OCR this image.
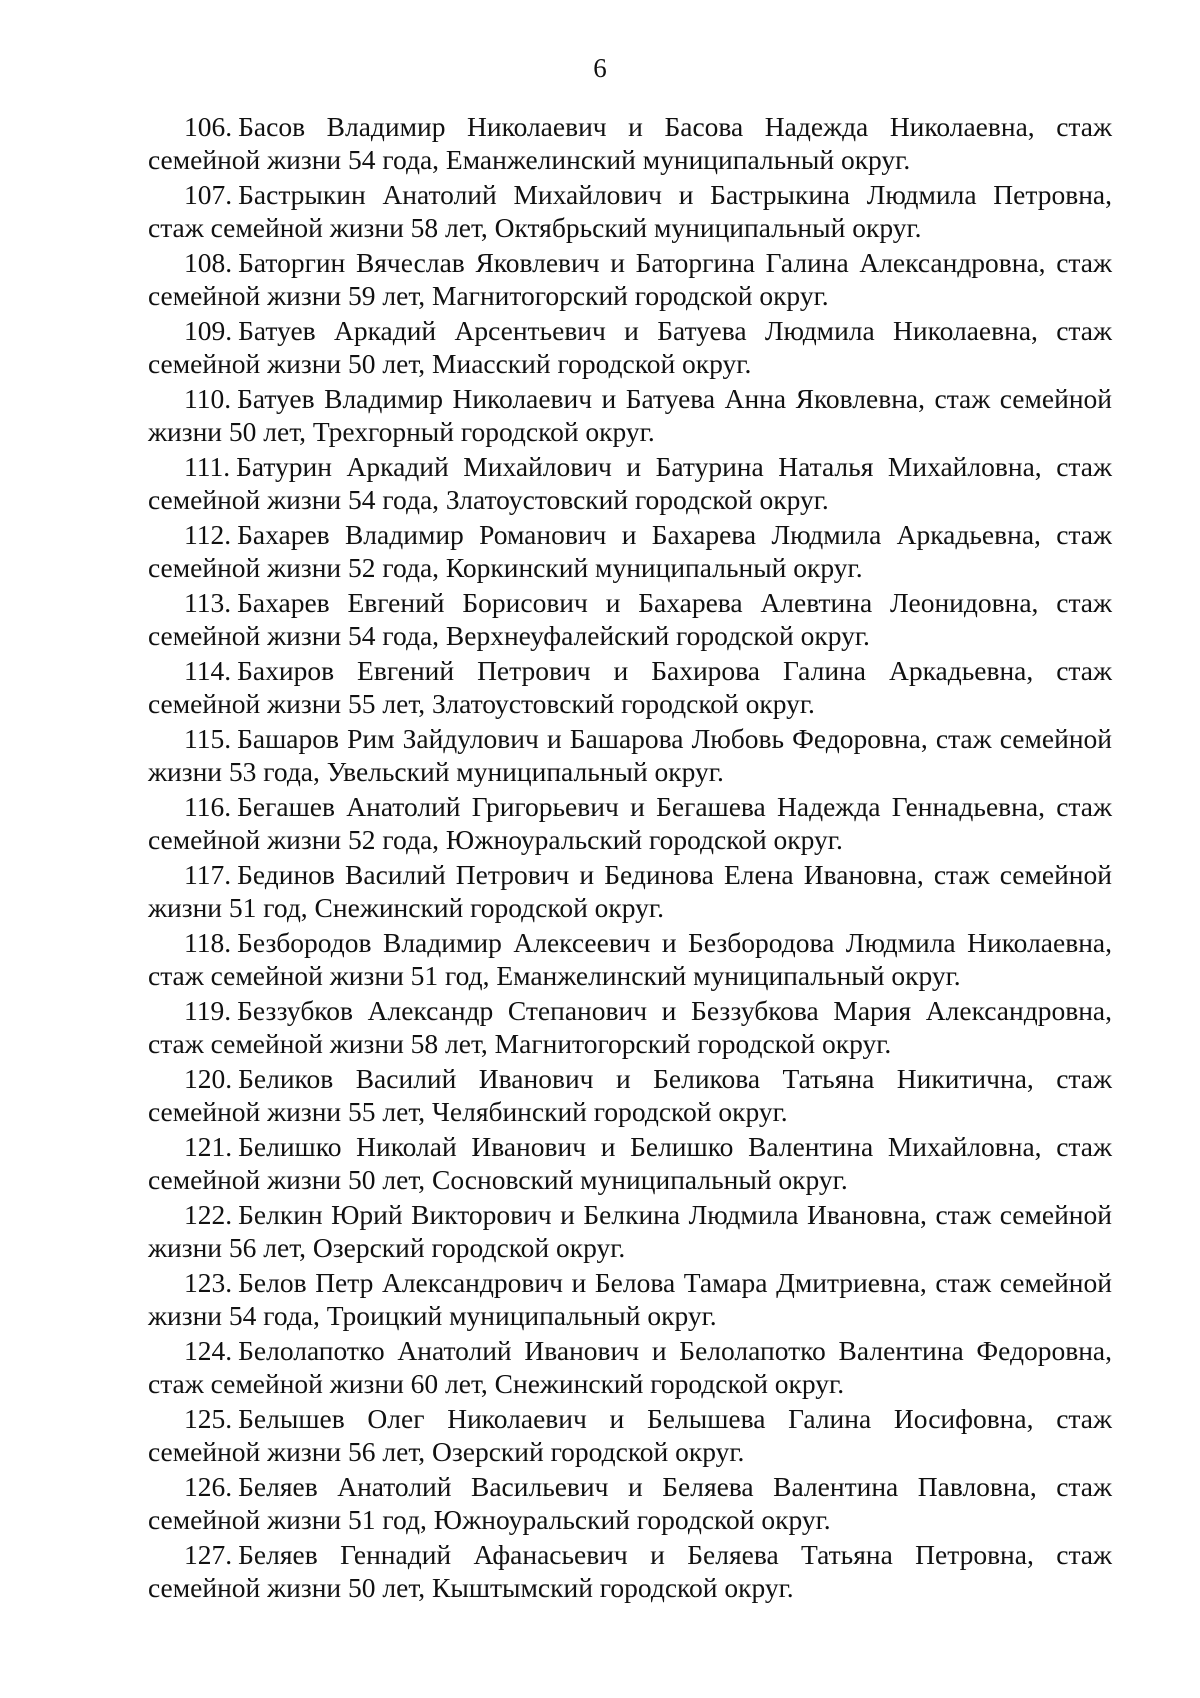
6
106. Басов Владимир Николаевич и Басова Надежда Николаевна, стаж семейной жизни 54 года, Еманжелинский муниципальный округ.
107. Бастрыкин Анатолий Михайлович и Бастрыкина Людмила Петровна, стаж семейной жизни 58 лет, Октябрьский муниципальный округ.
108. Баторгин Вячеслав Яковлевич и Баторгина Галина Александровна, стаж семейной жизни 59 лет, Магнитогорский городской округ.
109. Батуев Аркадий Арсентьевич и Батуева Людмила Николаевна, стаж семейной жизни 50 лет, Миасский городской округ.
110. Батуев Владимир Николаевич и Батуева Анна Яковлевна, стаж семейной жизни 50 лет, Трехгорный городской округ.
111. Батурин Аркадий Михайлович и Батурина Наталья Михайловна, стаж семейной жизни 54 года, Златоустовский городской округ.
112. Бахарев Владимир Романович и Бахарева Людмила Аркадьевна, стаж семейной жизни 52 года, Коркинский муниципальный округ.
113. Бахарев Евгений Борисович и Бахарева Алевтина Леонидовна, стаж семейной жизни 54 года, Верхнеуфалейский городской округ.
114. Бахиров Евгений Петрович и Бахирова Галина Аркадьевна, стаж семейной жизни 55 лет, Златоустовский городской округ.
115. Башаров Рим Зайдулович и Башарова Любовь Федоровна, стаж семейной жизни 53 года, Увельский муниципальный округ.
116. Бегашев Анатолий Григорьевич и Бегашева Надежда Геннадьевна, стаж семейной жизни 52 года, Южноуральский городской округ.
117. Бединов Василий Петрович и Бединова Елена Ивановна, стаж семейной жизни 51 год, Снежинский городской округ.
118. Безбородов Владимир Алексеевич и Безбородова Людмила Николаевна, стаж семейной жизни 51 год, Еманжелинский муниципальный округ.
119. Беззубков Александр Степанович и Беззубкова Мария Александровна, стаж семейной жизни 58 лет, Магнитогорский городской округ.
120. Беликов Василий Иванович и Беликова Татьяна Никитична, стаж семейной жизни 55 лет, Челябинский городской округ.
121. Белишко Николай Иванович и Белишко Валентина Михайловна, стаж семейной жизни 50 лет, Сосновский муниципальный округ.
122. Белкин Юрий Викторович и Белкина Людмила Ивановна, стаж семейной жизни 56 лет, Озерский городской округ.
123. Белов Петр Александрович и Белова Тамара Дмитриевна, стаж семейной жизни 54 года, Троицкий муниципальный округ.
124. Белолапотко Анатолий Иванович и Белолапотко Валентина Федоровна, стаж семейной жизни 60 лет, Снежинский городской округ.
125. Белышев Олег Николаевич и Белышева Галина Иосифовна, стаж семейной жизни 56 лет, Озерский городской округ.
126. Беляев Анатолий Васильевич и Беляева Валентина Павловна, стаж семейной жизни 51 год, Южноуральский городской округ.
127. Беляев Геннадий Афанасьевич и Беляева Татьяна Петровна, стаж семейной жизни 50 лет, Кыштымский городской округ.
